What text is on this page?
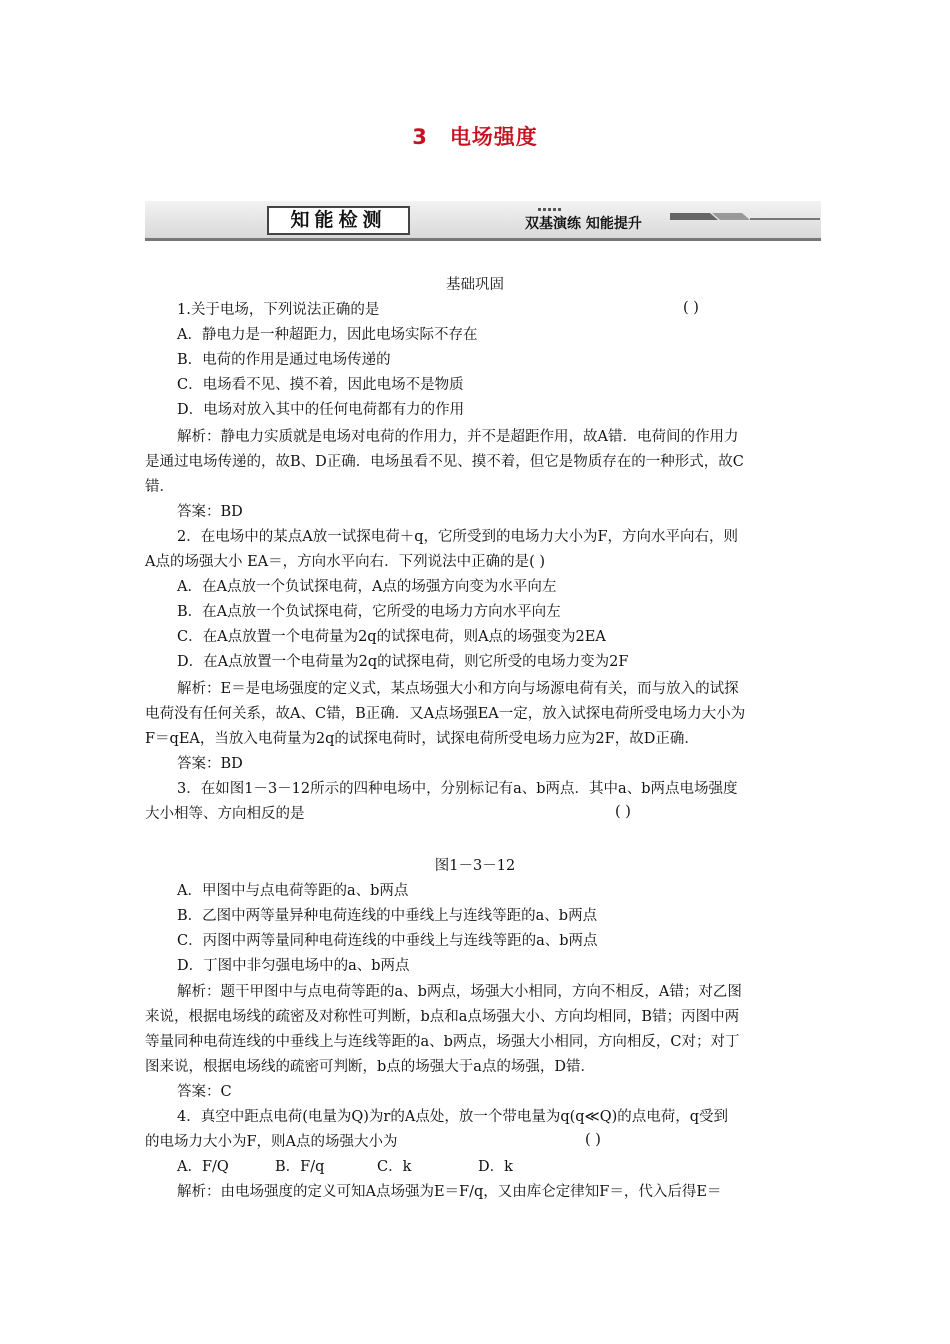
3 电场强度
知能检测	双基演练 知能提升
基础巩固
1.关于电场，下列说法正确的是	( )
A．静电力是一种超距力，因此电场实际不存在
B．电荷的作用是通过电场传递的
C．电场看不见、摸不着，因此电场不是物质
D．电场对放入其中的任何电荷都有力的作用
解析：静电力实质就是电场对电荷的作用力，并不是超距作用，故A错．电荷间的作用力
是通过电场传递的，故B、D正确．电场虽看不见、摸不着，但它是物质存在的一种形式，故C
错．
答案：BD
2．在电场中的某点A放一试探电荷＋q，它所受到的电场力大小为F，方向水平向右，则
A点的场强大小 EA＝，方向水平向右．下列说法中正确的是( )
A．在A点放一个负试探电荷，A点的场强方向变为水平向左
B．在A点放一个负试探电荷，它所受的电场力方向水平向左
C．在A点放置一个电荷量为2q的试探电荷，则A点的场强变为2EA
D．在A点放置一个电荷量为2q的试探电荷，则它所受的电场力变为2F
解析：E＝是电场强度的定义式，某点场强大小和方向与场源电荷有关，而与放入的试探
电荷没有任何关系，故A、C错，B正确．又A点场强EA一定，放入试探电荷所受电场力大小为
F＝qEA，当放入电荷量为2q的试探电荷时，试探电荷所受电场力应为2F，故D正确．
答案：BD
3．在如图1－3－12所示的四种电场中，分别标记有a、b两点．其中a、b两点电场强度
大小相等、方向相反的是	( )
图1－3－12
A．甲图中与点电荷等距的a、b两点
B．乙图中两等量异种电荷连线的中垂线上与连线等距的a、b两点
C．丙图中两等量同种电荷连线的中垂线上与连线等距的a、b两点
D．丁图中非匀强电场中的a、b两点
解析：题干甲图中与点电荷等距的a、b两点，场强大小相同，方向不相反，A错；对乙图
来说，根据电场线的疏密及对称性可判断，b点和a点场强大小、方向均相同，B错；丙图中两
等量同种电荷连线的中垂线上与连线等距的a、b两点，场强大小相同，方向相反，C对；对丁
图来说，根据电场线的疏密可判断，b点的场强大于a点的场强，D错．
答案：C
4．真空中距点电荷(电量为Q)为r的A点处，放一个带电量为q(q≪Q)的点电荷，q受到
的电场力大小为F，则A点的场强大小为	( )
A．F/Q	B．F/q	C．k	D．k
解析：由电场强度的定义可知A点场强为E＝F/q，又由库仑定律知F＝，代入后得E＝
